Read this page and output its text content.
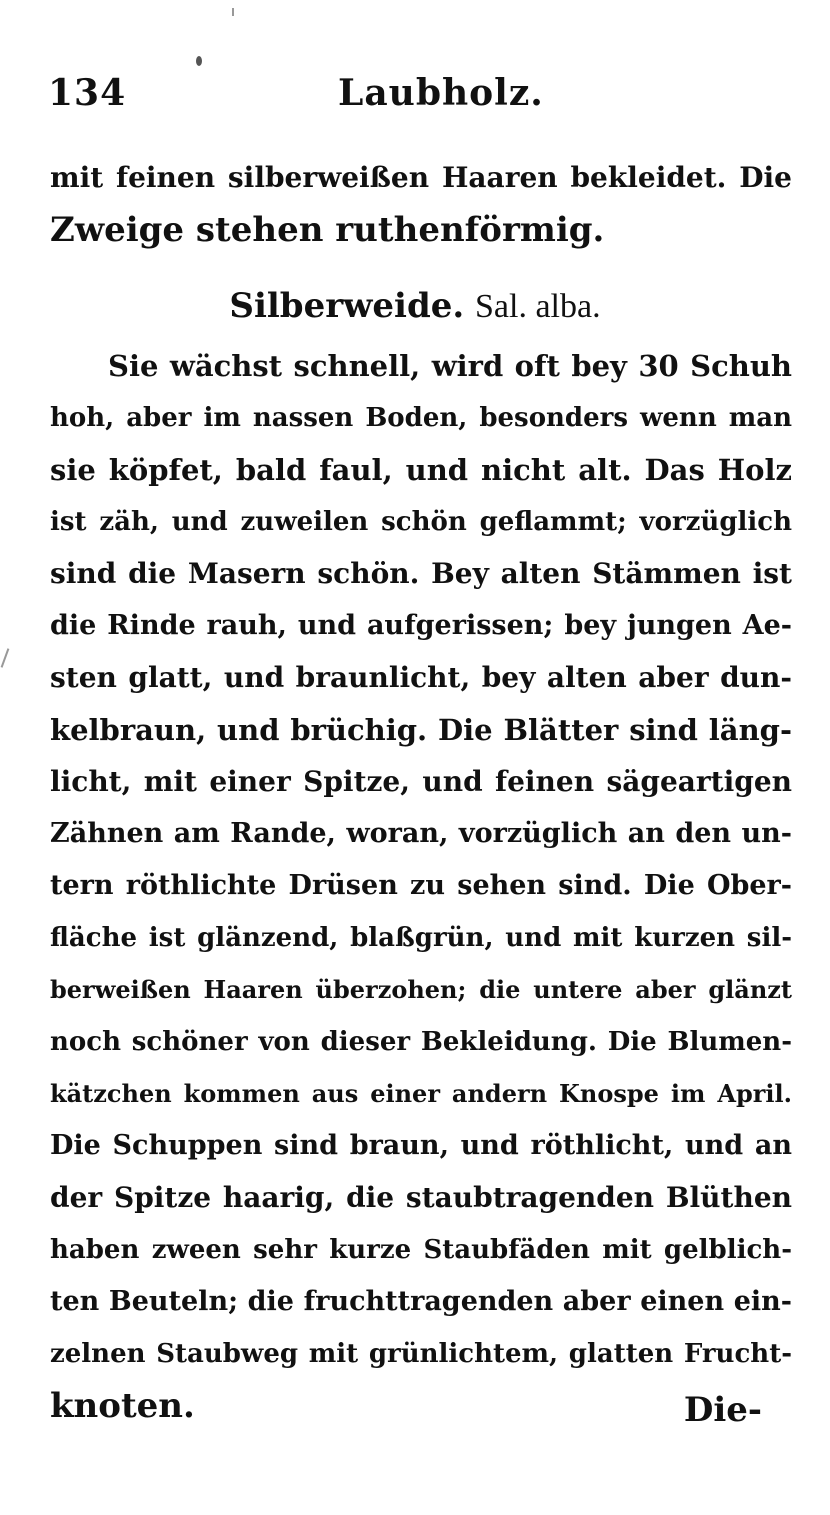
134	Laubholz.
mit feinen silberweißen Haaren bekleidet. Die
Zweige stehen ruthenförmig.
Silberweide. Sal. alba.
Sie wächst schnell, wird oft bey 30 Schuh
hoh, aber im nassen Boden, besonders wenn man
sie köpfet, bald faul, und nicht alt. Das Holz
ist zäh, und zuweilen schön geflammt; vorzüglich
sind die Masern schön. Bey alten Stämmen ist
die Rinde rauh, und aufgerissen; bey jungen Ae-
sten glatt, und braunlicht, bey alten aber dun-
kelbraun, und brüchig. Die Blätter sind läng-
licht, mit einer Spitze, und feinen sägeartigen
Zähnen am Rande, woran, vorzüglich an den un-
tern röthlichte Drüsen zu sehen sind. Die Ober-
fläche ist glänzend, blaßgrün, und mit kurzen sil-
berweißen Haaren überzohen; die untere aber glänzt
noch schöner von dieser Bekleidung. Die Blumen-
kätzchen kommen aus einer andern Knospe im April.
Die Schuppen sind braun, und röthlicht, und an
der Spitze haarig, die staubtragenden Blüthen
haben zween sehr kurze Staubfäden mit gelblich-
ten Beuteln; die fruchttragenden aber einen ein-
zelnen Staubweg mit grünlichtem, glatten Frucht-
knoten.	Die-
